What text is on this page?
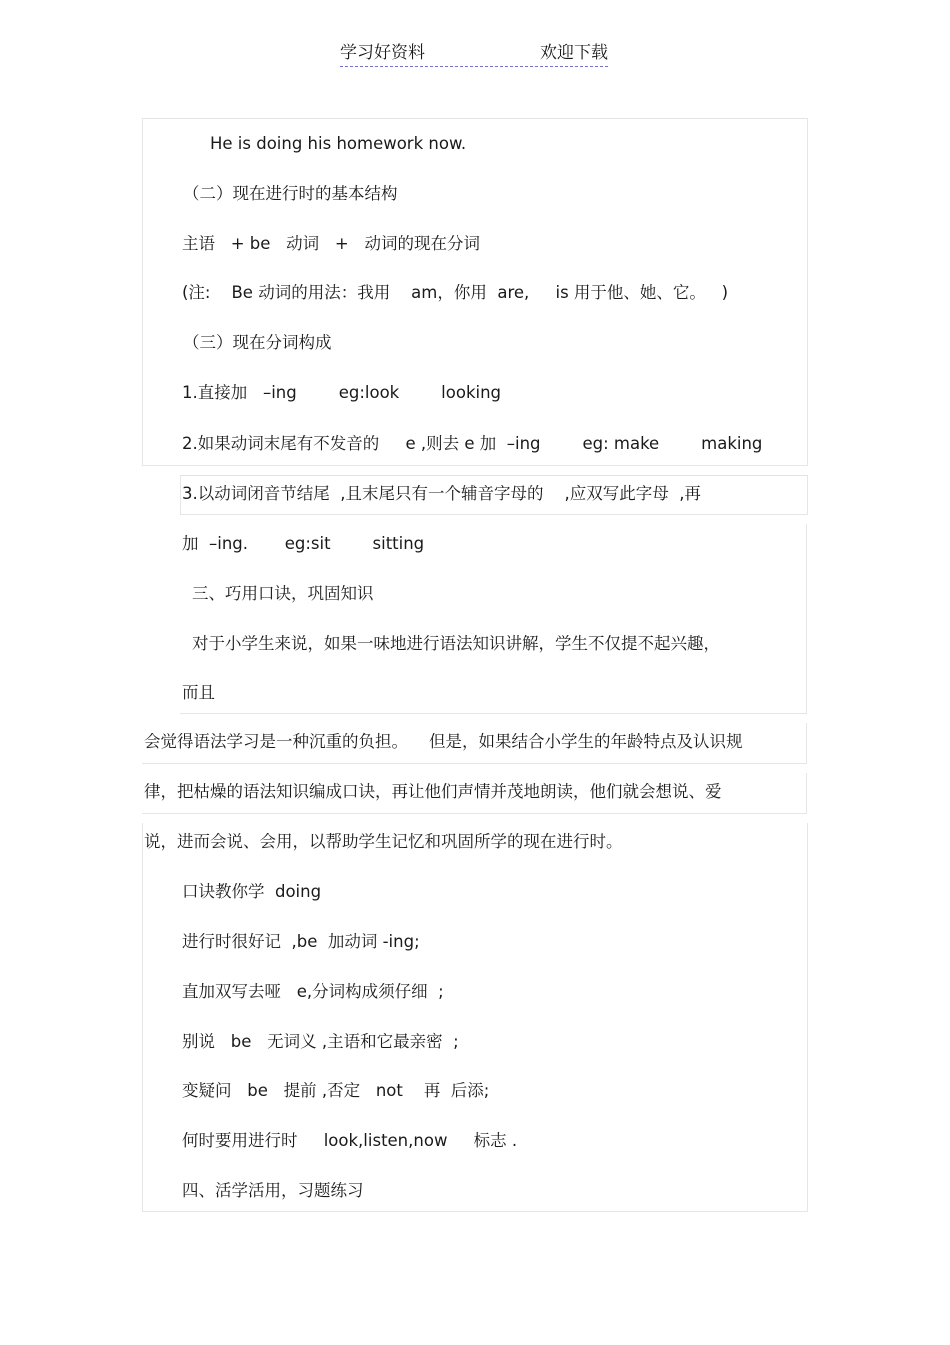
学习好资料	欢迎下载
He is doing his homework now.
（二）现在进行时的基本结构
主语   + be   动词   +   动词的现在分词
(注:    Be 动词的用法：我用    am，你用  are,     is 用于他、她、它。   )
（三）现在分词构成
1.直接加   –ing        eg:look        looking
2.如果动词末尾有不发音的     e ,则去 e 加  –ing        eg: make        making
3.以动词闭音节结尾  ,且末尾只有一个辅音字母的    ,应双写此字母  ,再
加  –ing.       eg:sit        sitting
三、巧用口诀，巩固知识
对于小学生来说，如果一味地进行语法知识讲解，学生不仅提不起兴趣，
而且
会觉得语法学习是一种沉重的负担。    但是，如果结合小学生的年龄特点及认识规
律，把枯燥的语法知识编成口诀，再让他们声情并茂地朗读，他们就会想说、爱
说，进而会说、会用，以帮助学生记忆和巩固所学的现在进行时。
口诀教你学  doing
进行时很好记  ,be  加动词 -ing;
直加双写去哑   e,分词构成须仔细  ;
别说   be   无词义 ,主语和它最亲密  ;
变疑问   be   提前 ,否定   not    再  后添;
何时要用进行时     look,listen,now     标志 .
四、活学活用，习题练习
